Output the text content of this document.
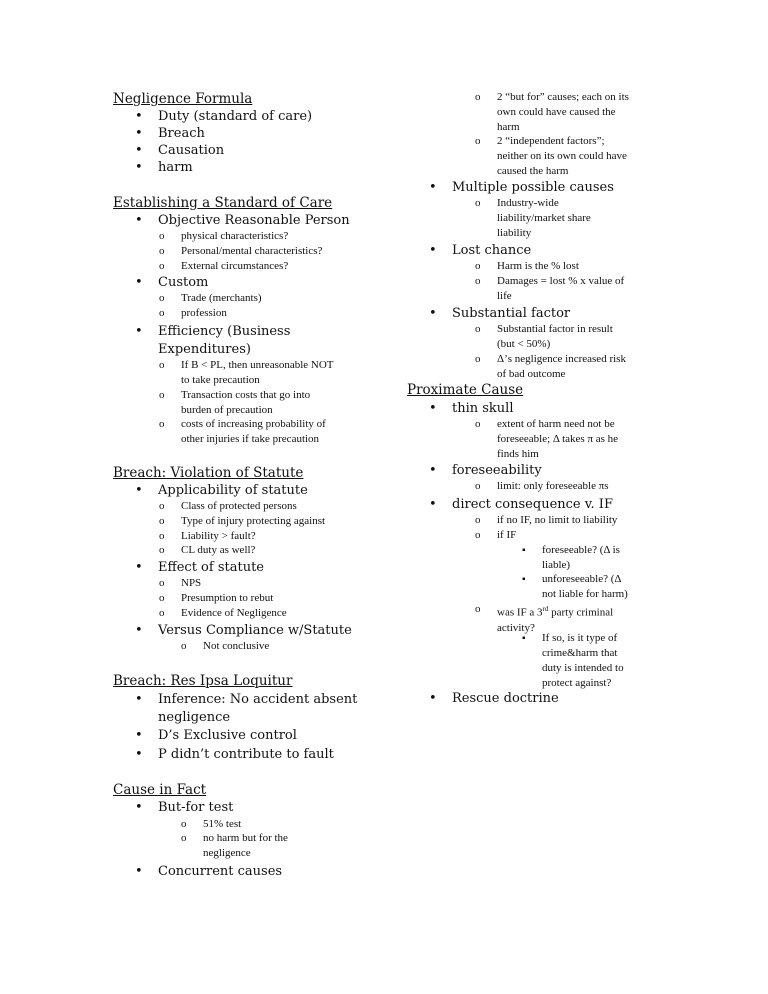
Negligence Formula
• Duty (standard of care)
• Breach
• Causation
• harm
Establishing a Standard of Care
• Objective Reasonable Person
o physical characteristics?
o Personal/mental characteristics?
o External circumstances?
• Custom
o Trade (merchants)
o profession
• Efficiency (Business
Expenditures)
o If B < PL, then unreasonable NOT
to take precaution
o Transaction costs that go into
burden of precaution
o costs of increasing probability of
other injuries if take precaution
Breach: Violation of Statute
• Applicability of statute
o Class of protected persons
o Type of injury protecting against
o Liability > fault?
o CL duty as well?
• Effect of statute
o NPS
o Presumption to rebut
o Evidence of Negligence
• Versus Compliance w/Statute
o Not conclusive
Breach: Res Ipsa Loquitur
• Inference: No accident absent
negligence
• D’s Exclusive control
• P didn’t contribute to fault
Cause in Fact
• But-for test
o 51% test
o no harm but for the
negligence
• Concurrent causes
o 2 “but for” causes; each on its
own could have caused the
harm
o 2 “independent factors”;
neither on its own could have
caused the harm
• Multiple possible causes
o Industry-wide
liability/market share
liability
• Lost chance
o Harm is the % lost
o Damages = lost % x value of
life
• Substantial factor
o Substantial factor in result
(but < 50%)
o Δ’s negligence increased risk
of bad outcome
Proximate Cause
• thin skull
o extent of harm need not be
foreseeable; Δ takes π as he
finds him
• foreseeability
o limit: only foreseeable πs
• direct consequence v. IF
o if no IF, no limit to liability
o if IF
▪ foreseeable? (Δ is
liable)
▪ unforeseeable? (Δ
not liable for harm)
o was IF a 3rd party criminal
activity?
▪ If so, is it type of
crime&harm that
duty is intended to
protect against?
• Rescue doctrine
